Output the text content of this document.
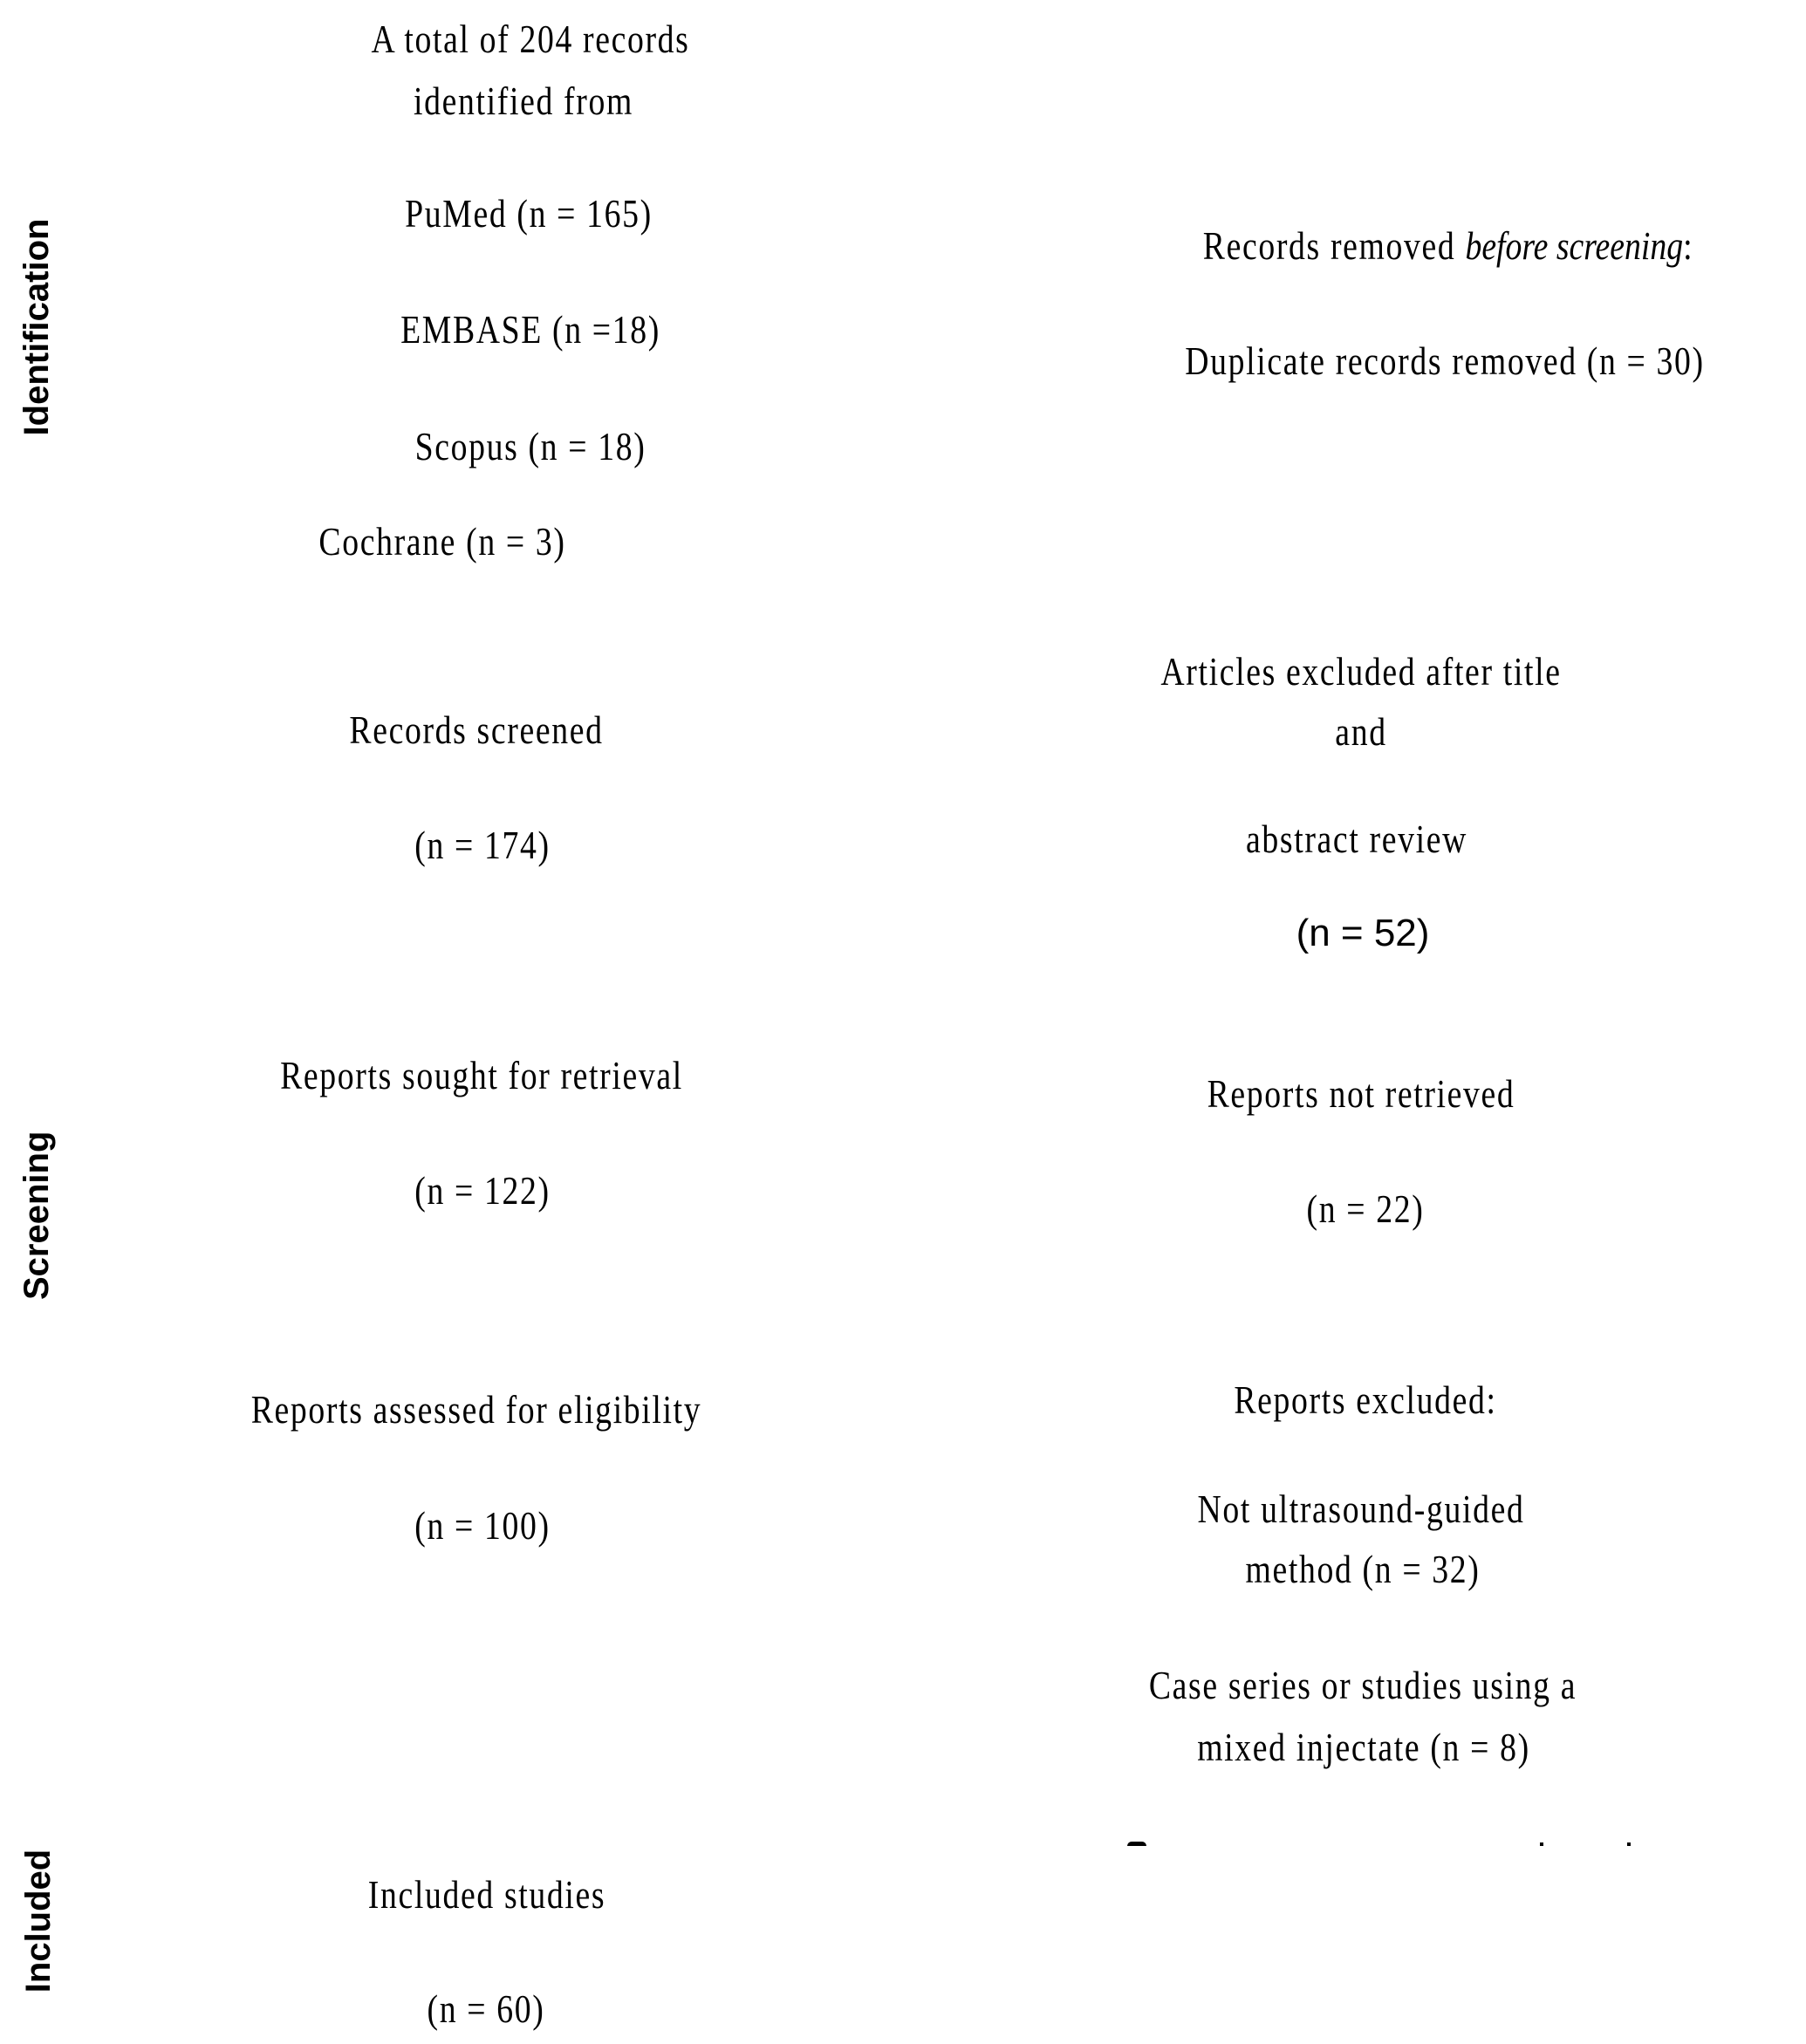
Identification
Screening
Included
A total of 204 records
identified from
PuMed (n = 165)
EMBASE (n =18)
Scopus (n = 18)
Cochrane (n = 3)
Records removed before screening:
Duplicate records removed (n = 30)
Records screened
(n = 174)
Reports sought for retrieval
(n = 122)
Reports assessed for eligibility
(n = 100)
Articles excluded after title
and
abstract review
(n = 52)
Reports not retrieved
(n = 22)
Reports excluded:
Not ultrasound-guided
method (n = 32)
Case series or studies using a
mixed injectate (n = 8)
Included studies
(n = 60)
